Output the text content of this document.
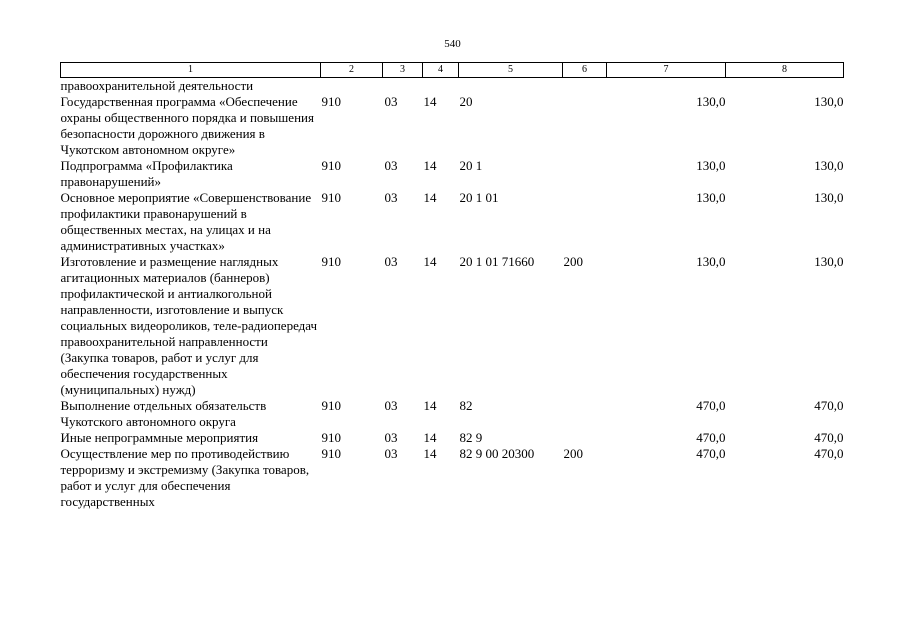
540
1	2	3	4	5	6	7	8
правоохранительной деятельности							
Государственная программа «Обеспечение охраны общественного порядка и повышения безопасности дорожного движения в Чукотском автономном округе»	910	03	14	20		130,0	130,0
Подпрограмма «Профилактика правонарушений»	910	03	14	20 1		130,0	130,0
Основное мероприятие «Совершенствование профилактики правонарушений в общественных местах, на улицах и на административных участках»	910	03	14	20 1 01		130,0	130,0
Изготовление и размещение наглядных агитационных материалов (баннеров) профилактической и антиалкогольной направленности, изготовление и выпуск социальных видеороликов, теле-радиопередач правоохранительной направленности (Закупка товаров, работ и услуг для обеспечения государственных (муниципальных) нужд)	910	03	14	20 1 01 71660	200	130,0	130,0
Выполнение отдельных обязательств Чукотского автономного округа	910	03	14	82		470,0	470,0
Иные непрограммные мероприятия	910	03	14	82 9		470,0	470,0
Осуществление мер по противодействию терроризму и экстремизму (Закупка товаров, работ и услуг для обеспечения государственных	910	03	14	82 9 00 20300	200	470,0	470,0
